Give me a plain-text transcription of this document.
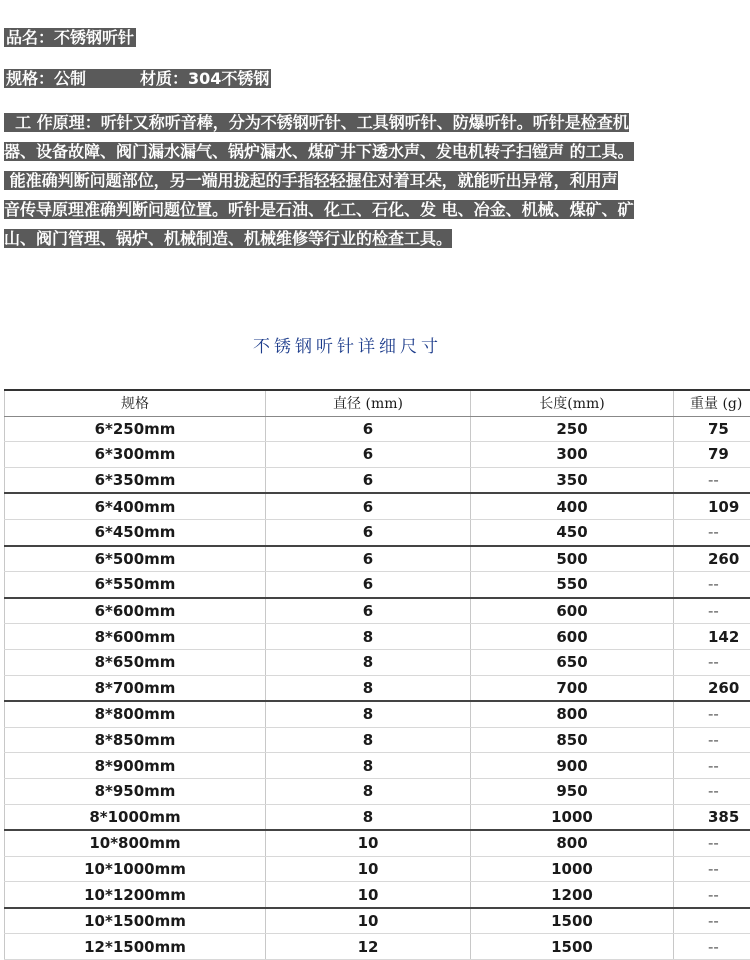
品名：不锈钢听针
规格：公制	材质：304不锈钢
工 作原理：听针又称听音棒，分为不锈钢听针、工具钢听针、防爆听针。听针是检查机
器、设备故障、阀门漏水漏气、锅炉漏水、煤矿井下透水声、发电机转子扫镗声 的工具。
能准确判断问题部位，另一端用拢起的手指轻轻握住对着耳朵，就能听出异常，利用声
音传导原理准确判断问题位置。听针是石油、化工、石化、发 电、冶金、机械、煤矿、矿
山、阀门管理、锅炉、机械制造、机械维修等行业的检查工具。
不锈钢听针详细尺寸
规格	直径 (mm)	长度(mm)	重量 (g)
6*250mm	6	250	75
6*300mm	6	300	79
6*350mm	6	350	--
6*400mm	6	400	109
6*450mm	6	450	--
6*500mm	6	500	260
6*550mm	6	550	--
6*600mm	6	600	--
8*600mm	8	600	142
8*650mm	8	650	--
8*700mm	8	700	260
8*800mm	8	800	--
8*850mm	8	850	--
8*900mm	8	900	--
8*950mm	8	950	--
8*1000mm	8	1000	385
10*800mm	10	800	--
10*1000mm	10	1000	--
10*1200mm	10	1200	--
10*1500mm	10	1500	--
12*1500mm	12	1500	--
